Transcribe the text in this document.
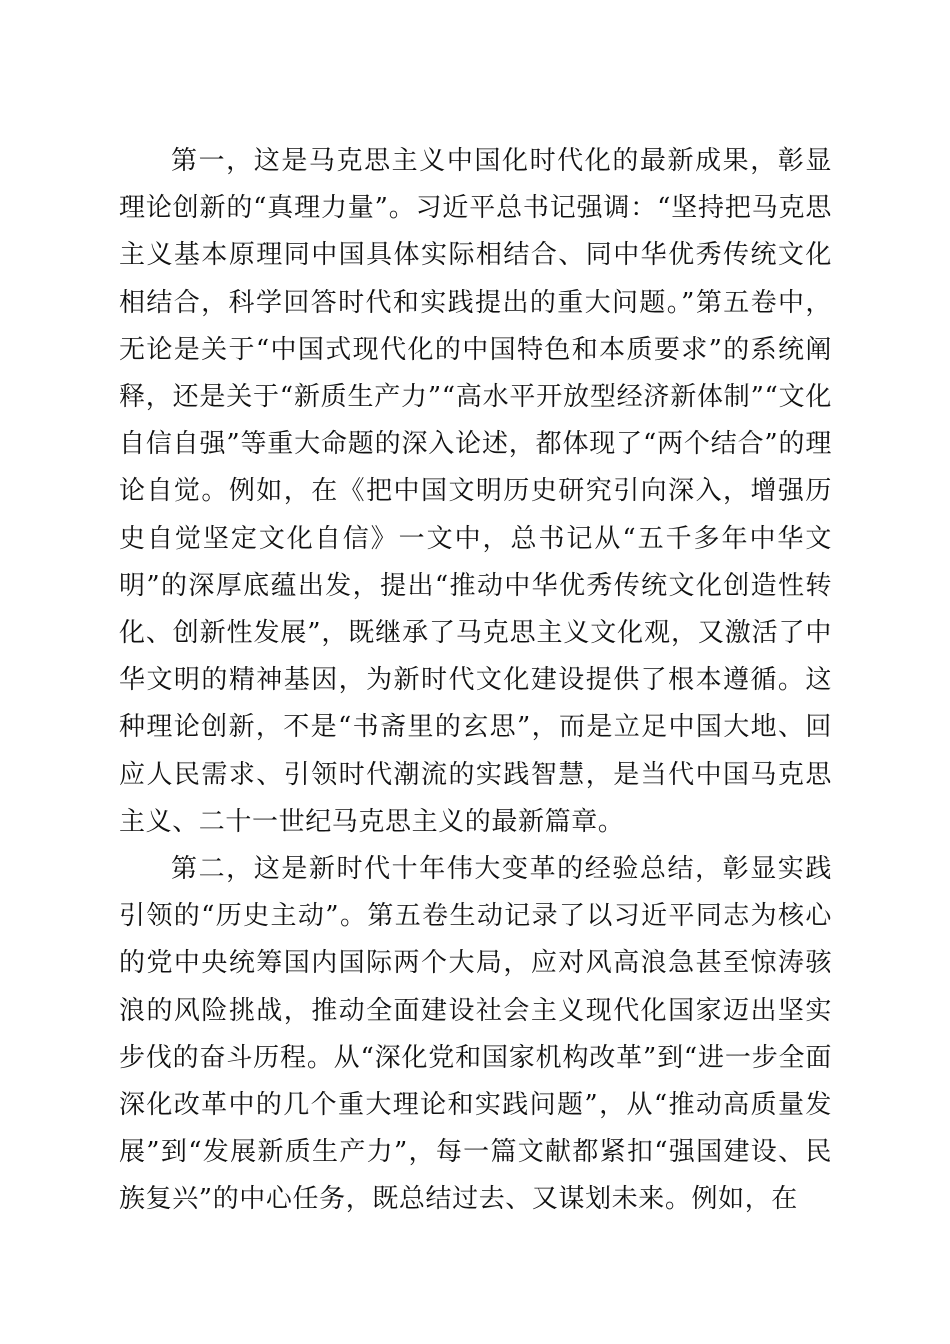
第一，这是马克思主义中国化时代化的最新成果，彰显理论创新的“真理力量”。习近平总书记强调：“坚持把马克思主义基本原理同中国具体实际相结合、同中华优秀传统文化相结合，科学回答时代和实践提出的重大问题。”第五卷中，无论是关于“中国式现代化的中国特色和本质要求”的系统阐释，还是关于“新质生产力”“高水平开放型经济新体制”“文化自信自强”等重大命题的深入论述，都体现了“两个结合”的理论自觉。例如，在《把中国文明历史研究引向深入，增强历史自觉坚定文化自信》一文中，总书记从“五千多年中华文明”的深厚底蕴出发，提出“推动中华优秀传统文化创造性转化、创新性发展”，既继承了马克思主义文化观，又激活了中华文明的精神基因，为新时代文化建设提供了根本遵循。这种理论创新，不是“书斋里的玄思”，而是立足中国大地、回应人民需求、引领时代潮流的实践智慧，是当代中国马克思主义、二十一世纪马克思主义的最新篇章。

第二，这是新时代十年伟大变革的经验总结，彰显实践引领的“历史主动”。第五卷生动记录了以习近平同志为核心的党中央统筹国内国际两个大局，应对风高浪急甚至惊涛骇浪的风险挑战，推动全面建设社会主义现代化国家迈出坚实步伐的奋斗历程。从“深化党和国家机构改革”到“进一步全面深化改革中的几个重大理论和实践问题”，从“推动高质量发展”到“发展新质生产力”，每一篇文献都紧扣“强国建设、民族复兴”的中心任务，既总结过去、又谋划未来。例如，在
